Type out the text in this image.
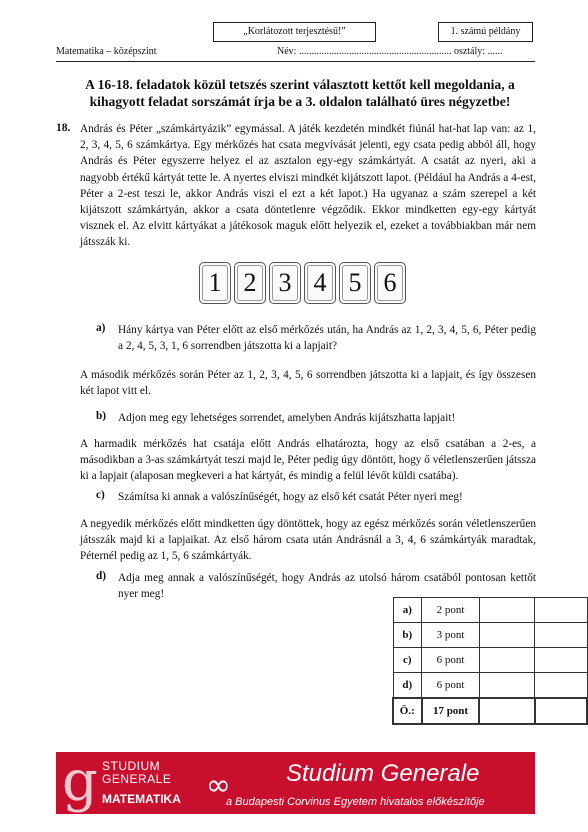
„Korlátozott terjesztésű!”	1. számú példány
Matematika – középszint	Név: ............................................................. osztály: ......
A 16-18. feladatok közül tetszés szerint választott kettőt kell megoldania, a kihagyott feladat sorszámát írja be a 3. oldalon található üres négyzetbe!
18. András és Péter „számkártyázik” egymással. A játék kezdetén mindkét fiúnál hat-hat lap van: az 1, 2, 3, 4, 5, 6 számkártya. Egy mérkőzés hat csata megvívását jelenti, egy csata pedig abból áll, hogy András és Péter egyszerre helyez el az asztalon egy-egy számkártyát. A csatát az nyeri, aki a nagyobb értékű kártyát tette le. A nyertes elviszi mindkét kijátszott lapot. (Például ha András a 4-est, Péter a 2-est teszi le, akkor András viszi el ezt a két lapot.) Ha ugyanaz a szám szerepel a két kijátszott számkártyán, akkor a csata döntetlenre végződik. Ekkor mindketten egy-egy kártyát visznek el. Az elvitt kártyákat a játékosok maguk előtt helyezik el, ezeket a továbbiakban már nem játsszák ki.

1 2 3 4 5 6
a) Hány kártya van Péter előtt az első mérkőzés után, ha András az 1, 2, 3, 4, 5, 6, Péter pedig a 2, 4, 5, 3, 1, 6 sorrendben játszotta ki a lapjait?

A második mérkőzés során Péter az 1, 2, 3, 4, 5, 6 sorrendben játszotta ki a lapjait, és így összesen két lapot vitt el.

b) Adjon meg egy lehetséges sorrendet, amelyben András kijátszhatta lapjait!

A harmadik mérkőzés hat csatája előtt András elhatározta, hogy az első csatában a 2-es, a másodikban a 3-as számkártyát teszi majd le, Péter pedig úgy döntött, hogy ő véletlenszerűen játssza ki a lapjait (alaposan megkeveri a hat kártyát, és mindig a felül lévőt küldi csatába).

c) Számítsa ki annak a valószínűségét, hogy az első két csatát Péter nyeri meg!

A negyedik mérkőzés előtt mindketten úgy döntöttek, hogy az egész mérkőzés során véletlenszerűen játsszák majd ki a lapjaikat. Az első három csata után Andrásnál a 3, 4, 6 számkártyák maradtak, Péternél pedig az 1, 5, 6 számkártyák.

d) Adja meg annak a valószínűségét, hogy András az utolsó három csatából pontosan kettőt nyer meg!

a)	2 pont		
b)	3 pont		
c)	6 pont		
d)	6 pont		
Ö.:	17 pont		
g STUDIUM
GENERALE
MATEMATIKA ∞ Studium Generale
a Budapesti Corvinus Egyetem hivatalos előkészítője
